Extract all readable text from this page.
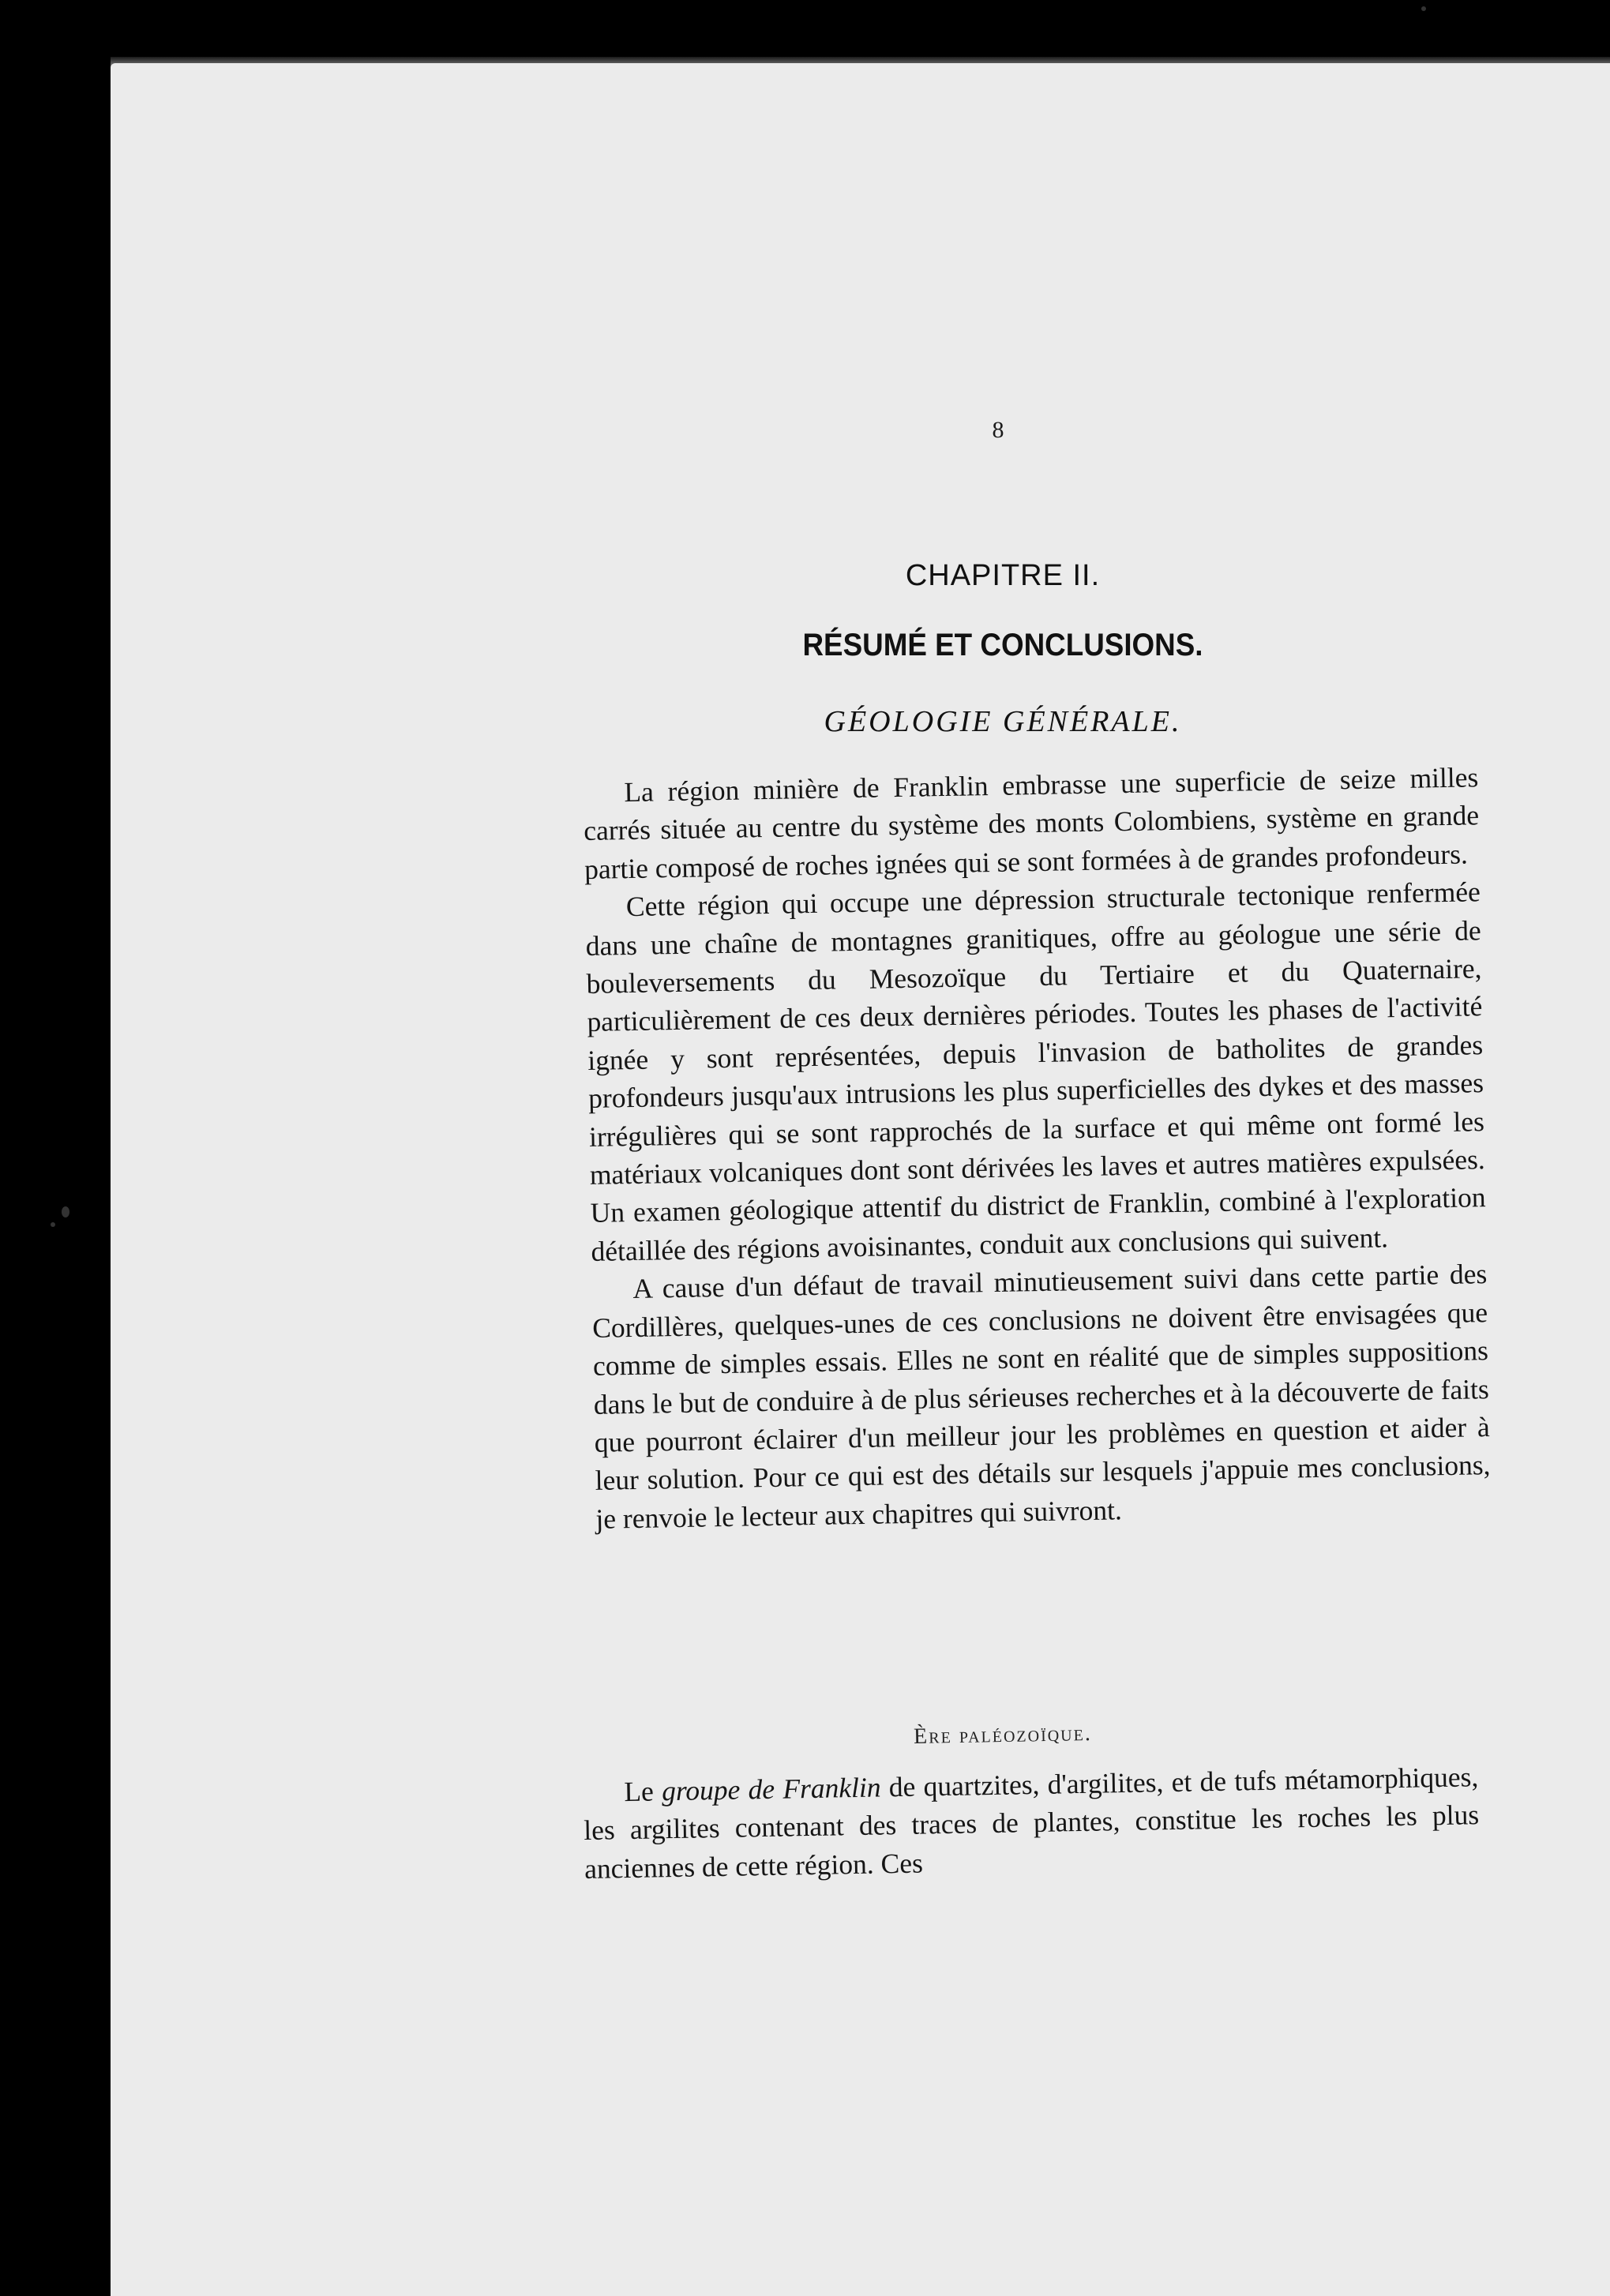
8
CHAPITRE II.
RÉSUMÉ ET CONCLUSIONS.
GÉOLOGIE GÉNÉRALE.

La région minière de Franklin embrasse une superficie de seize milles carrés située au centre du système des monts Colombiens, système en grande partie composé de roches ignées qui se sont formées à de grandes profondeurs.

Cette région qui occupe une dépression structurale tectonique renfermée dans une chaîne de montagnes granitiques, offre au géologue une série de bouleversements du Mesozoïque du Tertiaire et du Quaternaire, particulièrement de ces deux dernières périodes. Toutes les phases de l'activité ignée y sont représentées, depuis l'invasion de batholites de grandes profondeurs jusqu'aux intrusions les plus superficielles des dykes et des masses irrégulières qui se sont rapprochés de la surface et qui même ont formé les matériaux volcaniques dont sont dérivées les laves et autres matières expulsées. Un examen géologique attentif du district de Franklin, combiné à l'exploration détaillée des régions avoisinantes, conduit aux conclusions qui suivent.

A cause d'un défaut de travail minutieusement suivi dans cette partie des Cordillères, quelques-unes de ces conclusions ne doivent être envisagées que comme de simples essais. Elles ne sont en réalité que de simples suppositions dans le but de conduire à de plus sérieuses recherches et à la découverte de faits que pourront éclairer d'un meilleur jour les problèmes en question et aider à leur solution. Pour ce qui est des détails sur lesquels j'appuie mes conclusions, je renvoie le lecteur aux chapitres qui suivront.

Ère paléozoïque.

Le groupe de Franklin de quartzites, d'argilites, et de tufs métamorphiques, les argilites contenant des traces de plantes, constitue les roches les plus anciennes de cette région. Ces
